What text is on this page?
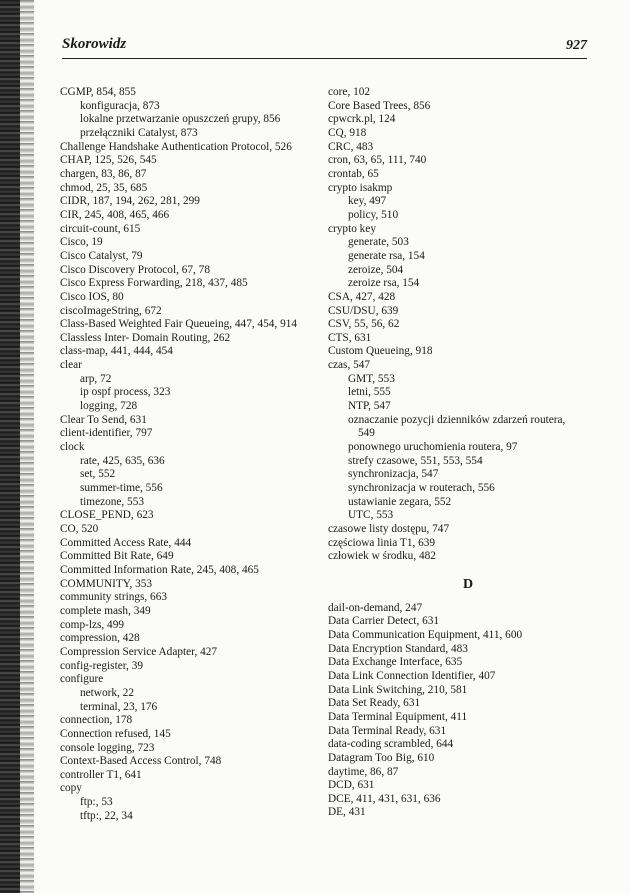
Skorowidz	927
CGMP, 854, 855
konfiguracja, 873
lokalne przetwarzanie opuszczeń grupy, 856
przełączniki Catalyst, 873
Challenge Handshake Authentication Protocol, 526
CHAP, 125, 526, 545
chargen, 83, 86, 87
chmod, 25, 35, 685
CIDR, 187, 194, 262, 281, 299
CIR, 245, 408, 465, 466
circuit-count, 615
Cisco, 19
Cisco Catalyst, 79
Cisco Discovery Protocol, 67, 78
Cisco Express Forwarding, 218, 437, 485
Cisco IOS, 80
ciscoImageString, 672
Class-Based Weighted Fair Queueing, 447, 454, 914
Classless Inter- Domain Routing, 262
class-map, 441, 444, 454
clear
arp, 72
ip ospf process, 323
logging, 728
Clear To Send, 631
client-identifier, 797
clock
rate, 425, 635, 636
set, 552
summer-time, 556
timezone, 553
CLOSE_PEND, 623
CO, 520
Committed Access Rate, 444
Committed Bit Rate, 649
Committed Information Rate, 245, 408, 465
COMMUNITY, 353
community strings, 663
complete mash, 349
comp-lzs, 499
compression, 428
Compression Service Adapter, 427
config-register, 39
configure
network, 22
terminal, 23, 176
connection, 178
Connection refused, 145
console logging, 723
Context-Based Access Control, 748
controller T1, 641
copy
ftp:, 53
tftp:, 22, 34
core, 102
Core Based Trees, 856
cpwcrk.pl, 124
CQ, 918
CRC, 483
cron, 63, 65, 111, 740
crontab, 65
crypto isakmp
key, 497
policy, 510
crypto key
generate, 503
generate rsa, 154
zeroize, 504
zeroize rsa, 154
CSA, 427, 428
CSU/DSU, 639
CSV, 55, 56, 62
CTS, 631
Custom Queueing, 918
czas, 547
GMT, 553
letni, 555
NTP, 547
oznaczanie pozycji dzienników zdarzeń routera,
549
ponownego uruchomienia routera, 97
strefy czasowe, 551, 553, 554
synchronizacja, 547
synchronizacja w routerach, 556
ustawianie zegara, 552
UTC, 553
czasowe listy dostępu, 747
częściowa linia T1, 639
człowiek w środku, 482
D
dail-on-demand, 247
Data Carrier Detect, 631
Data Communication Equipment, 411, 600
Data Encryption Standard, 483
Data Exchange Interface, 635
Data Link Connection Identifier, 407
Data Link Switching, 210, 581
Data Set Ready, 631
Data Terminal Equipment, 411
Data Terminal Ready, 631
data-coding scrambled, 644
Datagram Too Big, 610
daytime, 86, 87
DCD, 631
DCE, 411, 431, 631, 636
DE, 431
